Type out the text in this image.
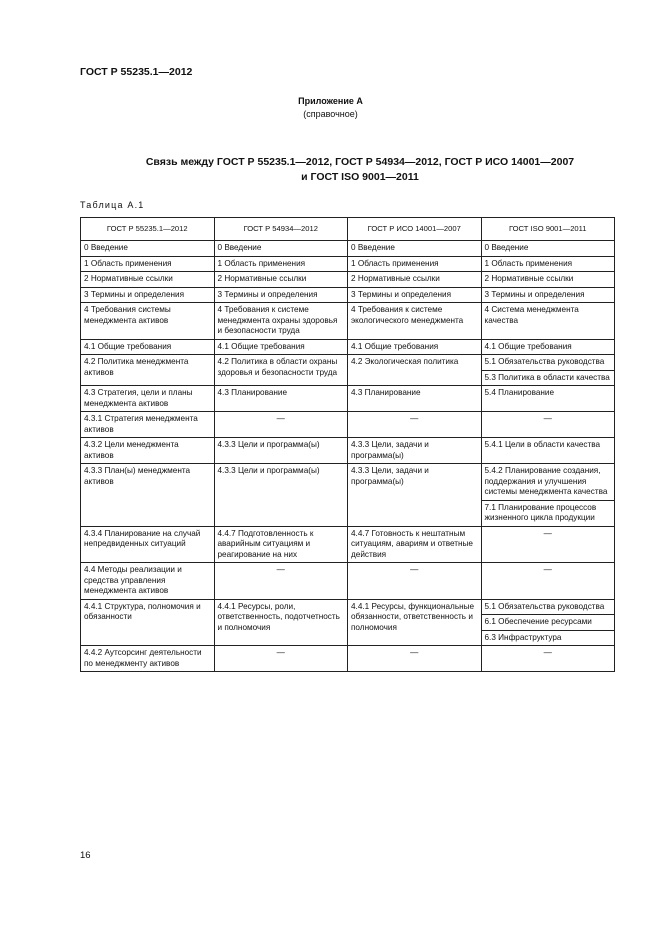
ГОСТ Р 55235.1—2012
Приложение А
(справочное)
Связь между ГОСТ Р 55235.1—2012, ГОСТ Р 54934—2012, ГОСТ Р ИСО 14001—2007
и ГОСТ ISO 9001—2011
Таблица А.1
ГОСТ Р 55235.1—2012	ГОСТ Р 54934—2012	ГОСТ Р ИСО 14001—2007	ГОСТ ISO 9001—2011
0 Введение	0 Введение	0 Введение	0 Введение
1 Область применения	1 Область применения	1 Область применения	1 Область применения
2 Нормативные ссылки	2 Нормативные ссылки	2 Нормативные ссылки	2 Нормативные ссылки
3 Термины и определения	3 Термины и определения	3 Термины и определения	3 Термины и определения
4 Требования системы менеджмента активов	4 Требования к системе менеджмента охраны здоровья и безопасности труда	4 Требования к системе экологического менеджмента	4 Система менеджмента качества
4.1 Общие требования	4.1 Общие требования	4.1 Общие требования	4.1 Общие требования
4.2 Политика менеджмента активов	4.2 Политика в области охраны здоровья и безопасности труда	4.2 Экологическая политика	5.1 Обязательства руководства
			5.3 Политика в области качества
4.3 Стратегия, цели и планы менеджмента активов	4.3 Планирование	4.3 Планирование	5.4 Планирование
4.3.1 Стратегия менеджмента активов	—	—	—
4.3.2 Цели менеджмента активов	4.3.3 Цели и программа(ы)	4.3.3 Цели, задачи и программа(ы)	5.4.1 Цели в области качества
4.3.3 План(ы) менеджмента активов	4.3.3 Цели и программа(ы)	4.3.3 Цели, задачи и программа(ы)	5.4.2 Планирование создания, поддержания и улучшения системы менеджмента качества
			7.1 Планирование процессов жизненного цикла продукции
4.3.4 Планирование на случай непредвиденных ситуаций	4.4.7 Подготовленность к аварийным ситуациям и реагирование на них	4.4.7 Готовность к нештатным ситуациям, авариям и ответные действия	—
4.4 Методы реализации и средства управления менеджмента активов	—	—	—
4.4.1 Структура, полномочия и обязанности	4.4.1 Ресурсы, роли, ответственность, подотчетность и полномочия	4.4.1 Ресурсы, функциональные обязанности, ответственность и полномочия	5.1 Обязательства руководства
			6.1 Обеспечение ресурсами
			6.3 Инфраструктура
4.4.2 Аутсорсинг деятельности по менеджменту активов	—	—	—
16
